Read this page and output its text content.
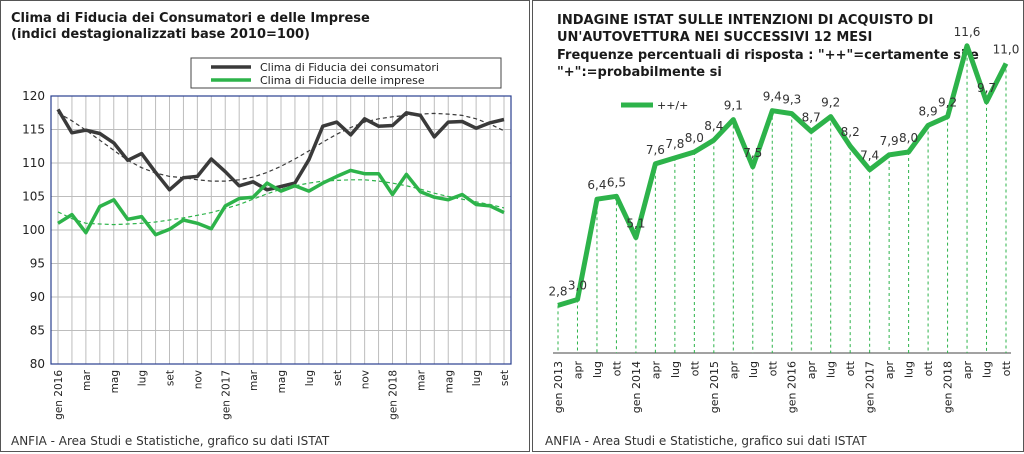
Clima di Fiducia dei Consumatori e delle Imprese
(indici destagionalizzati base 2010=100)
80
85
90
95
100
105
110
115
120
gen 2016 mar mag lug set nov gen 2017 mar mag lug set nov gen 2018 mar mag lug set
Clima di Fiducia dei consumatori
Clima di Fiducia delle imprese
ANFIA - Area Studi e Statistiche, grafico su dati ISTAT
INDAGINE ISTAT SULLE INTENZIONI DI ACQUISTO DI
UN'AUTOVETTURA NEI SUCCESSIVI 12 MESI
Frequenze percentuali di risposta : "++"=certamente si e
"+":=probabilmente si
2,8 3,0
6,4 6,5
5,1
7,6 7,8 8,0
8,4
9,1
7,5
9,4 9,3
8,7
9,2
8,2
7,4
7,9 8,0
8,9
9,2
11,6
9,7
11,0
gen 2013 apr lug ott gen 2014 apr lug ott gen 2015 apr lug ott gen 2016 apr lug ott gen 2017 apr lug ott gen 2018 apr lug ott
++/+
ANFIA - Area Studi e Statistiche, grafico sui dati ISTAT
